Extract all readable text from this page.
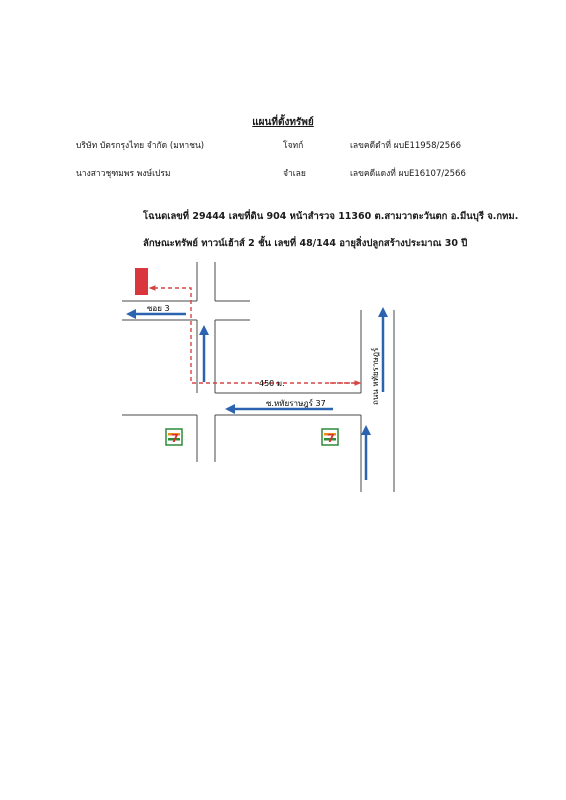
แผนที่ตั้งทรัพย์
บริษัท บัตรกรุงไทย จำกัด (มหาชน)	โจทก์	เลขคดีดำที่ ผบE11958/2566
นางสาวชุฑมพร พงษ์เปรม	จำเลย	เลขคดีแดงที่ ผบE16107/2566
โฉนดเลขที่ 29444 เลขที่ดิน 904 หน้าสำรวจ 11360 ต.สามวาตะวันตก อ.มีนบุรี จ.กทม.
ลักษณะทรัพย์ ทาวน์เฮ้าส์ 2 ชั้น เลขที่ 48/144 อายุสิ่งปลูกสร้างประมาณ 30 ปี
ซอย 3
450 ม.
ซ.หทัยราษฎร์ 37	ถนน หทัยราษฎร์
7	7
